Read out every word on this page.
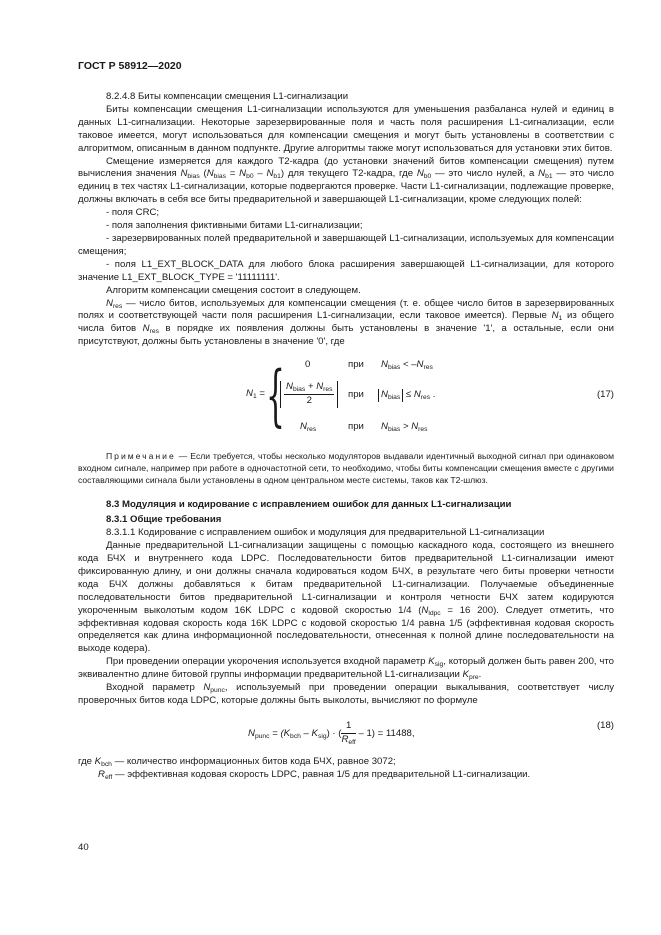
ГОСТ Р 58912—2020

8.2.4.8 Биты компенсации смещения L1-сигнализации

Биты компенсации смещения L1-сигнализации используются для уменьшения разбаланса нулей и единиц в данных L1-сигнализации. Некоторые зарезервированные поля и часть поля расширения L1-сигнализации, если таковое имеется, могут использоваться для компенсации смещения и могут быть установлены в соответствии с алгоритмом, описанным в данном подпункте. Другие алгоритмы также могут использоваться для установки этих битов.

Смещение измеряется для каждого T2-кадра (до установки значений битов компенсации смещения) путем вычисления значения $N_{bias}$ $(N_{bias} = N_{b0} - N_{b1})$ для текущего T2-кадра, где $N_{b0}$ — это число нулей, а $N_{b1}$ — это число единиц в тех частях L1-сигнализации, которые подвергаются проверке. Части L1-сигнализации, подлежащие проверке, должны включать в себя все биты предварительной и завершающей L1-сигнализации, кроме следующих полей:

- поля CRC;

- поля заполнения фиктивными битами L1-сигнализации;

- зарезервированных полей предварительной и завершающей L1-сигнализации, используемых для компенсации смещения;

- поля L1_EXT_BLOCK_DATA для любого блока расширения завершающей L1-сигнализации, для которого значение L1_EXT_BLOCK_TYPE = '11111111'.

Алгоритм компенсации смещения состоит в следующем.

$N_{res}$ — число битов, используемых для компенсации смещения (т. е. общее число битов в зарезервированных полях и соответствующей части поля расширения L1-сигнализации, если таковое имеется). Первые $N_1$ из общего числа битов $N_{res}$ в порядке их появления должны быть установлены в значение '1', а остальные, если они присутствуют, должны быть установлены в значение '0', где

$N_1$ = { 0	при $N_{bias} < -N_{res}$
$\frac{N_{bias} + N_{res}}{2}$ при	$N_{bias} \le N_{res}$ .
$N_{res}$	при $N_{bias} > N_{res}$
(17)

Примечание — Если требуется, чтобы несколько модуляторов выдавали идентичный выходной сигнал при одинаковом входном сигнале, например при работе в одночастотной сети, то необходимо, чтобы биты компенсации смещения вместе с другими составляющими сигнала были установлены в одном центральном месте системы, таков как T2-шлюз.

8.3 Модуляция и кодирование с исправлением ошибок для данных L1-сигнализации

8.3.1 Общие требования

8.3.1.1 Кодирование с исправлением ошибок и модуляция для предварительной L1-сигнализации

Данные предварительной L1-сигнализации защищены с помощью каскадного кода, состоящего из внешнего кода БЧХ и внутреннего кода LDPC. Последовательности битов предварительной L1-сигнализации имеют фиксированную длину, и они должны сначала кодироваться кодом БЧХ, в результате чего биты проверки четности кода БЧХ должны добавляться к битам предварительной L1-сигнализации. Получаемые объединенные последовательности битов предварительной L1-сигнализации и контроля четности БЧХ затем кодируются укороченным выколотым кодом 16K LDPC с кодовой скоростью 1/4 ($N_{ldpc} = 16$ 200). Следует отметить, что эффективная кодовая скорость кода 16K LDPC с кодовой скоростью 1/4 равна 1/5 (эффективная кодовая скорость определяется как длина информационной последовательности, отнесенная к полной длине последовательности на выходе кодера).

При проведении операции укорочения используется входной параметр $K_{sig}$, который должен быть равен 200, что эквивалентно длине битовой группы информации предварительной L1-сигнализации $K_{pre}$.

Входной параметр $N_{punc}$, используемый при проведении операции выкалывания, соответствует числу проверочных битов кода LDPC, которые должны быть выколоты, вычисляют по формуле

$N_{punc} = (K_{bch} - K_{sig})$ · ( $\frac{1}{R_{eff}} - 1) = 11488$,
(18)

где $K_{bch}$ — количество информационных битов кода БЧХ, равное 3072;

$R_{eff}$ — эффективная кодовая скорость LDPC, равная 1/5 для предварительной L1-сигнализации.

40
